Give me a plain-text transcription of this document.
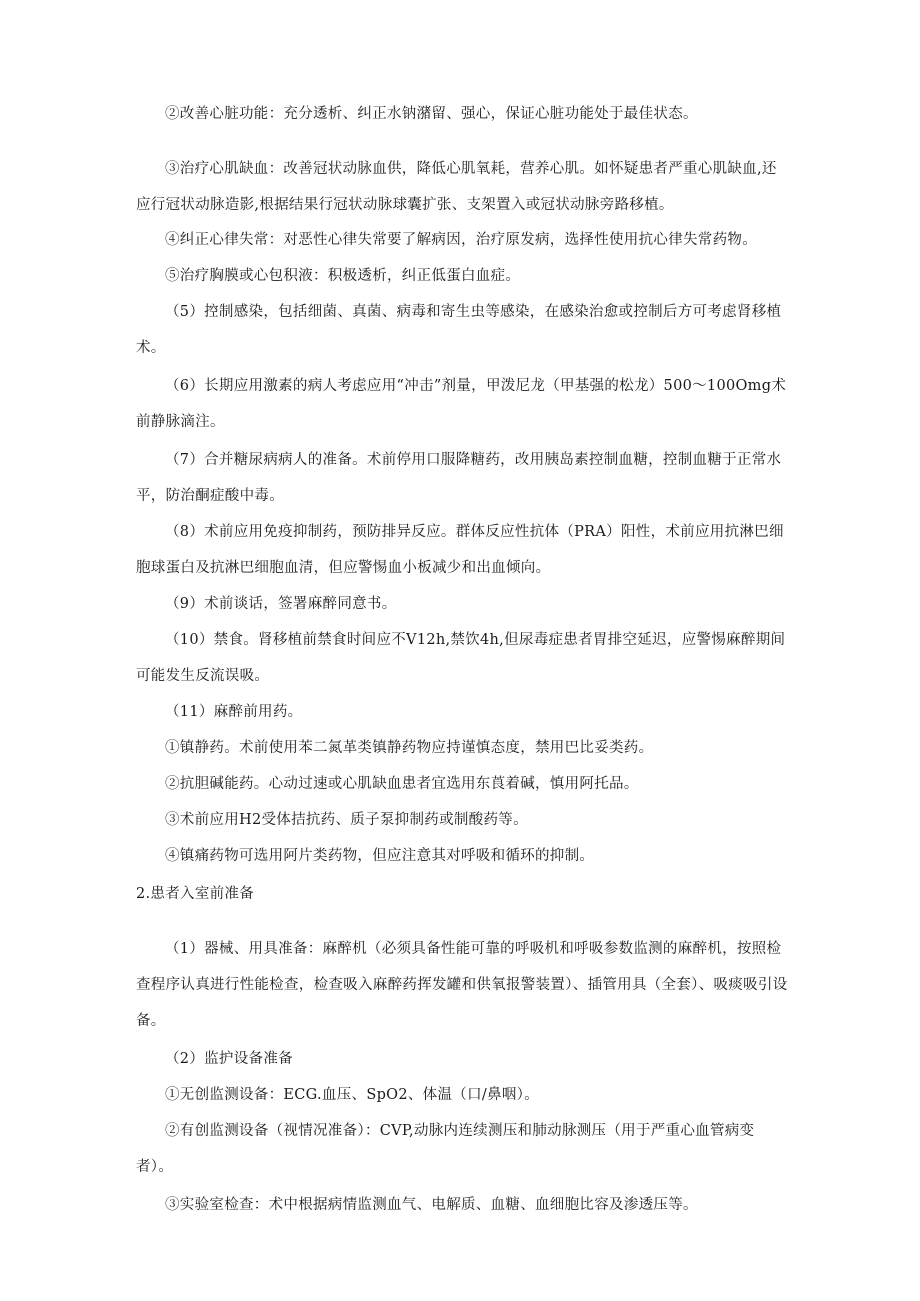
②改善心脏功能：充分透析、纠正水钠潴留、强心，保证心脏功能处于最佳状态。

③治疗心肌缺血：改善冠状动脉血供，降低心肌氧耗，营养心肌。如怀疑患者严重心肌缺血,还应行冠状动脉造影,根据结果行冠状动脉球囊扩张、支架置入或冠状动脉旁路移植。

④纠正心律失常：对恶性心律失常要了解病因，治疗原发病，选择性使用抗心律失常药物。

⑤治疗胸膜或心包积液：积极透析，纠正低蛋白血症。

（5）控制感染，包括细菌、真菌、病毒和寄生虫等感染，在感染治愈或控制后方可考虑肾移植术。

（6）长期应用激素的病人考虑应用“冲击”剂量，甲泼尼龙（甲基强的松龙）500～100Omg术前静脉滴注。

（7）合并糖尿病病人的准备。术前停用口服降糖药，改用胰岛素控制血糖，控制血糖于正常水平，防治酮症酸中毒。

（8）术前应用免疫抑制药，预防排异反应。群体反应性抗体（PRA）阳性，术前应用抗淋巴细胞球蛋白及抗淋巴细胞血清，但应警惕血小板减少和出血倾向。

（9）术前谈话，签署麻醉同意书。

（10）禁食。肾移植前禁食时间应不V12h,禁饮4h,但尿毒症患者胃排空延迟，应警惕麻醉期间可能发生反流误吸。

（11）麻醉前用药。

①镇静药。术前使用苯二氮革类镇静药物应持谨慎态度，禁用巴比妥类药。

②抗胆碱能药。心动过速或心肌缺血患者宜选用东莨着碱，慎用阿托品。

③术前应用H2受体拮抗药、质子泵抑制药或制酸药等。

④镇痛药物可选用阿片类药物，但应注意其对呼吸和循环的抑制。

2.患者入室前准备

（1）器械、用具准备：麻醉机（必须具备性能可靠的呼吸机和呼吸参数监测的麻醉机，按照检查程序认真进行性能检查，检查吸入麻醉药挥发罐和供氧报警装置）、插管用具（全套）、吸痰吸引设备。

（2）监护设备准备

①无创监测设备：ECG.血压、SpO2、体温（口/鼻咽）。

②有创监测设备（视情况准备）：CVP,动脉内连续测压和肺动脉测压（用于严重心血管病变者）。

③实验室检查：术中根据病情监测血气、电解质、血糖、血细胞比容及渗透压等。
